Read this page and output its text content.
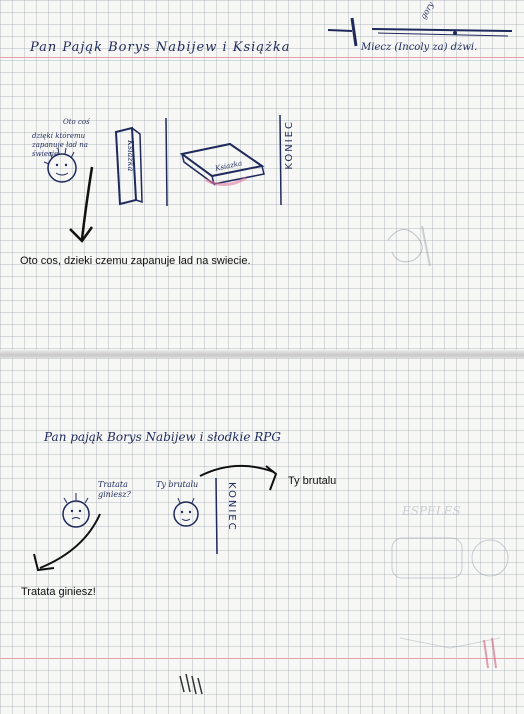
gory
Miecz (Incoly za) dżwi.
Pan Pająk Borys Nabijew i Książka
Oto coś
dzięki któremu zapanuje ład na świecie	Ksiazka	Ksiazka	KONIEC
Oto cos, dzieki czemu zapanuje lad na swiecie.
Pan pająk Borys Nabijew i słodkie RPG
Tratata giniesz?
Ty brutalu	KONIEC	ESPELES
Ty brutalu
Tratata giniesz!
